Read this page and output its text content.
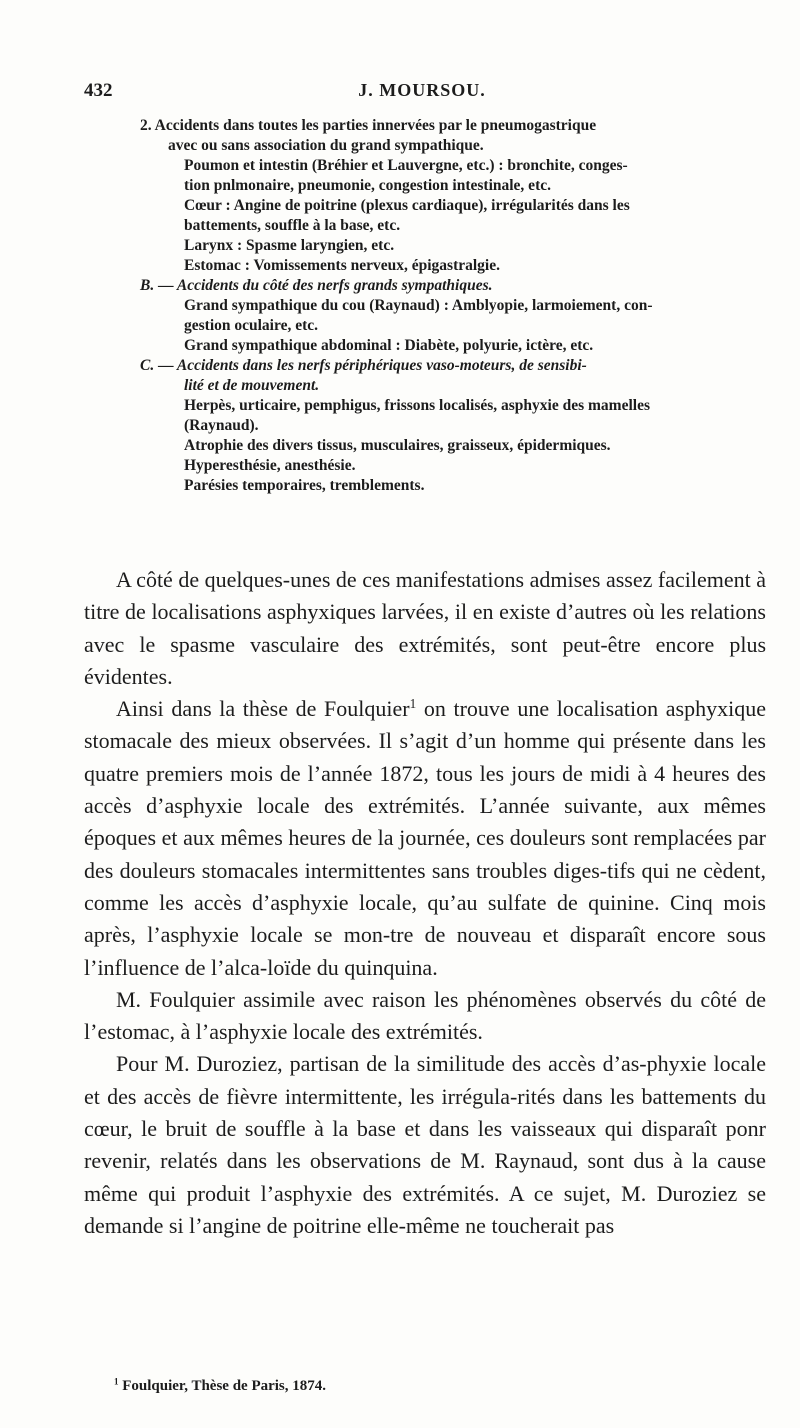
432	J. MOURSOU.
2. Accidents dans toutes les parties innervées par le pneumogastrique
avec ou sans association du grand sympathique.
Poumon et intestin (Bréhier et Lauvergne, etc.) : bronchite, conges-
tion pnlmonaire, pneumonie, congestion intestinale, etc.
Cœur : Angine de poitrine (plexus cardiaque), irrégularités dans les
battements, souffle à la base, etc.
Larynx : Spasme laryngien, etc.
Estomac : Vomissements nerveux, épigastralgie.
B. — Accidents du côté des nerfs grands sympathiques.
Grand sympathique du cou (Raynaud) : Amblyopie, larmoiement, con-
gestion oculaire, etc.
Grand sympathique abdominal : Diabète, polyurie, ictère, etc.
C. — Accidents dans les nerfs périphériques vaso-moteurs, de sensibi-
lité et de mouvement.
Herpès, urticaire, pemphigus, frissons localisés, asphyxie des mamelles
(Raynaud).
Atrophie des divers tissus, musculaires, graisseux, épidermiques.
Hyperesthésie, anesthésie.
Parésies temporaires, tremblements.

A côté de quelques-unes de ces manifestations admises assez facilement à titre de localisations asphyxiques larvées, il en existe d’autres où les relations avec le spasme vasculaire des extrémités, sont peut-être encore plus évidentes.

Ainsi dans la thèse de Foulquier$^1$ on trouve une localisation asphyxique stomacale des mieux observées. Il s’agit d’un homme qui présente dans les quatre premiers mois de l’année 1872, tous les jours de midi à 4 heures des accès d’asphyxie locale des extrémités. L’année suivante, aux mêmes époques et aux mêmes heures de la journée, ces douleurs sont remplacées par des douleurs stomacales intermittentes sans troubles diges-tifs qui ne cèdent, comme les accès d’asphyxie locale, qu’au sulfate de quinine. Cinq mois après, l’asphyxie locale se mon-tre de nouveau et disparaît encore sous l’influence de l’alca-loïde du quinquina.

M. Foulquier assimile avec raison les phénomènes observés du côté de l’estomac, à l’asphyxie locale des extrémités.

Pour M. Duroziez, partisan de la similitude des accès d’as-phyxie locale et des accès de fièvre intermittente, les irrégula-rités dans les battements du cœur, le bruit de souffle à la base et dans les vaisseaux qui disparaît ponr revenir, relatés dans les observations de M. Raynaud, sont dus à la cause même qui produit l’asphyxie des extrémités. A ce sujet, M. Duroziez se demande si l’angine de poitrine elle-même ne toucherait pas

$^1$ Foulquier, Thèse de Paris, 1874.
